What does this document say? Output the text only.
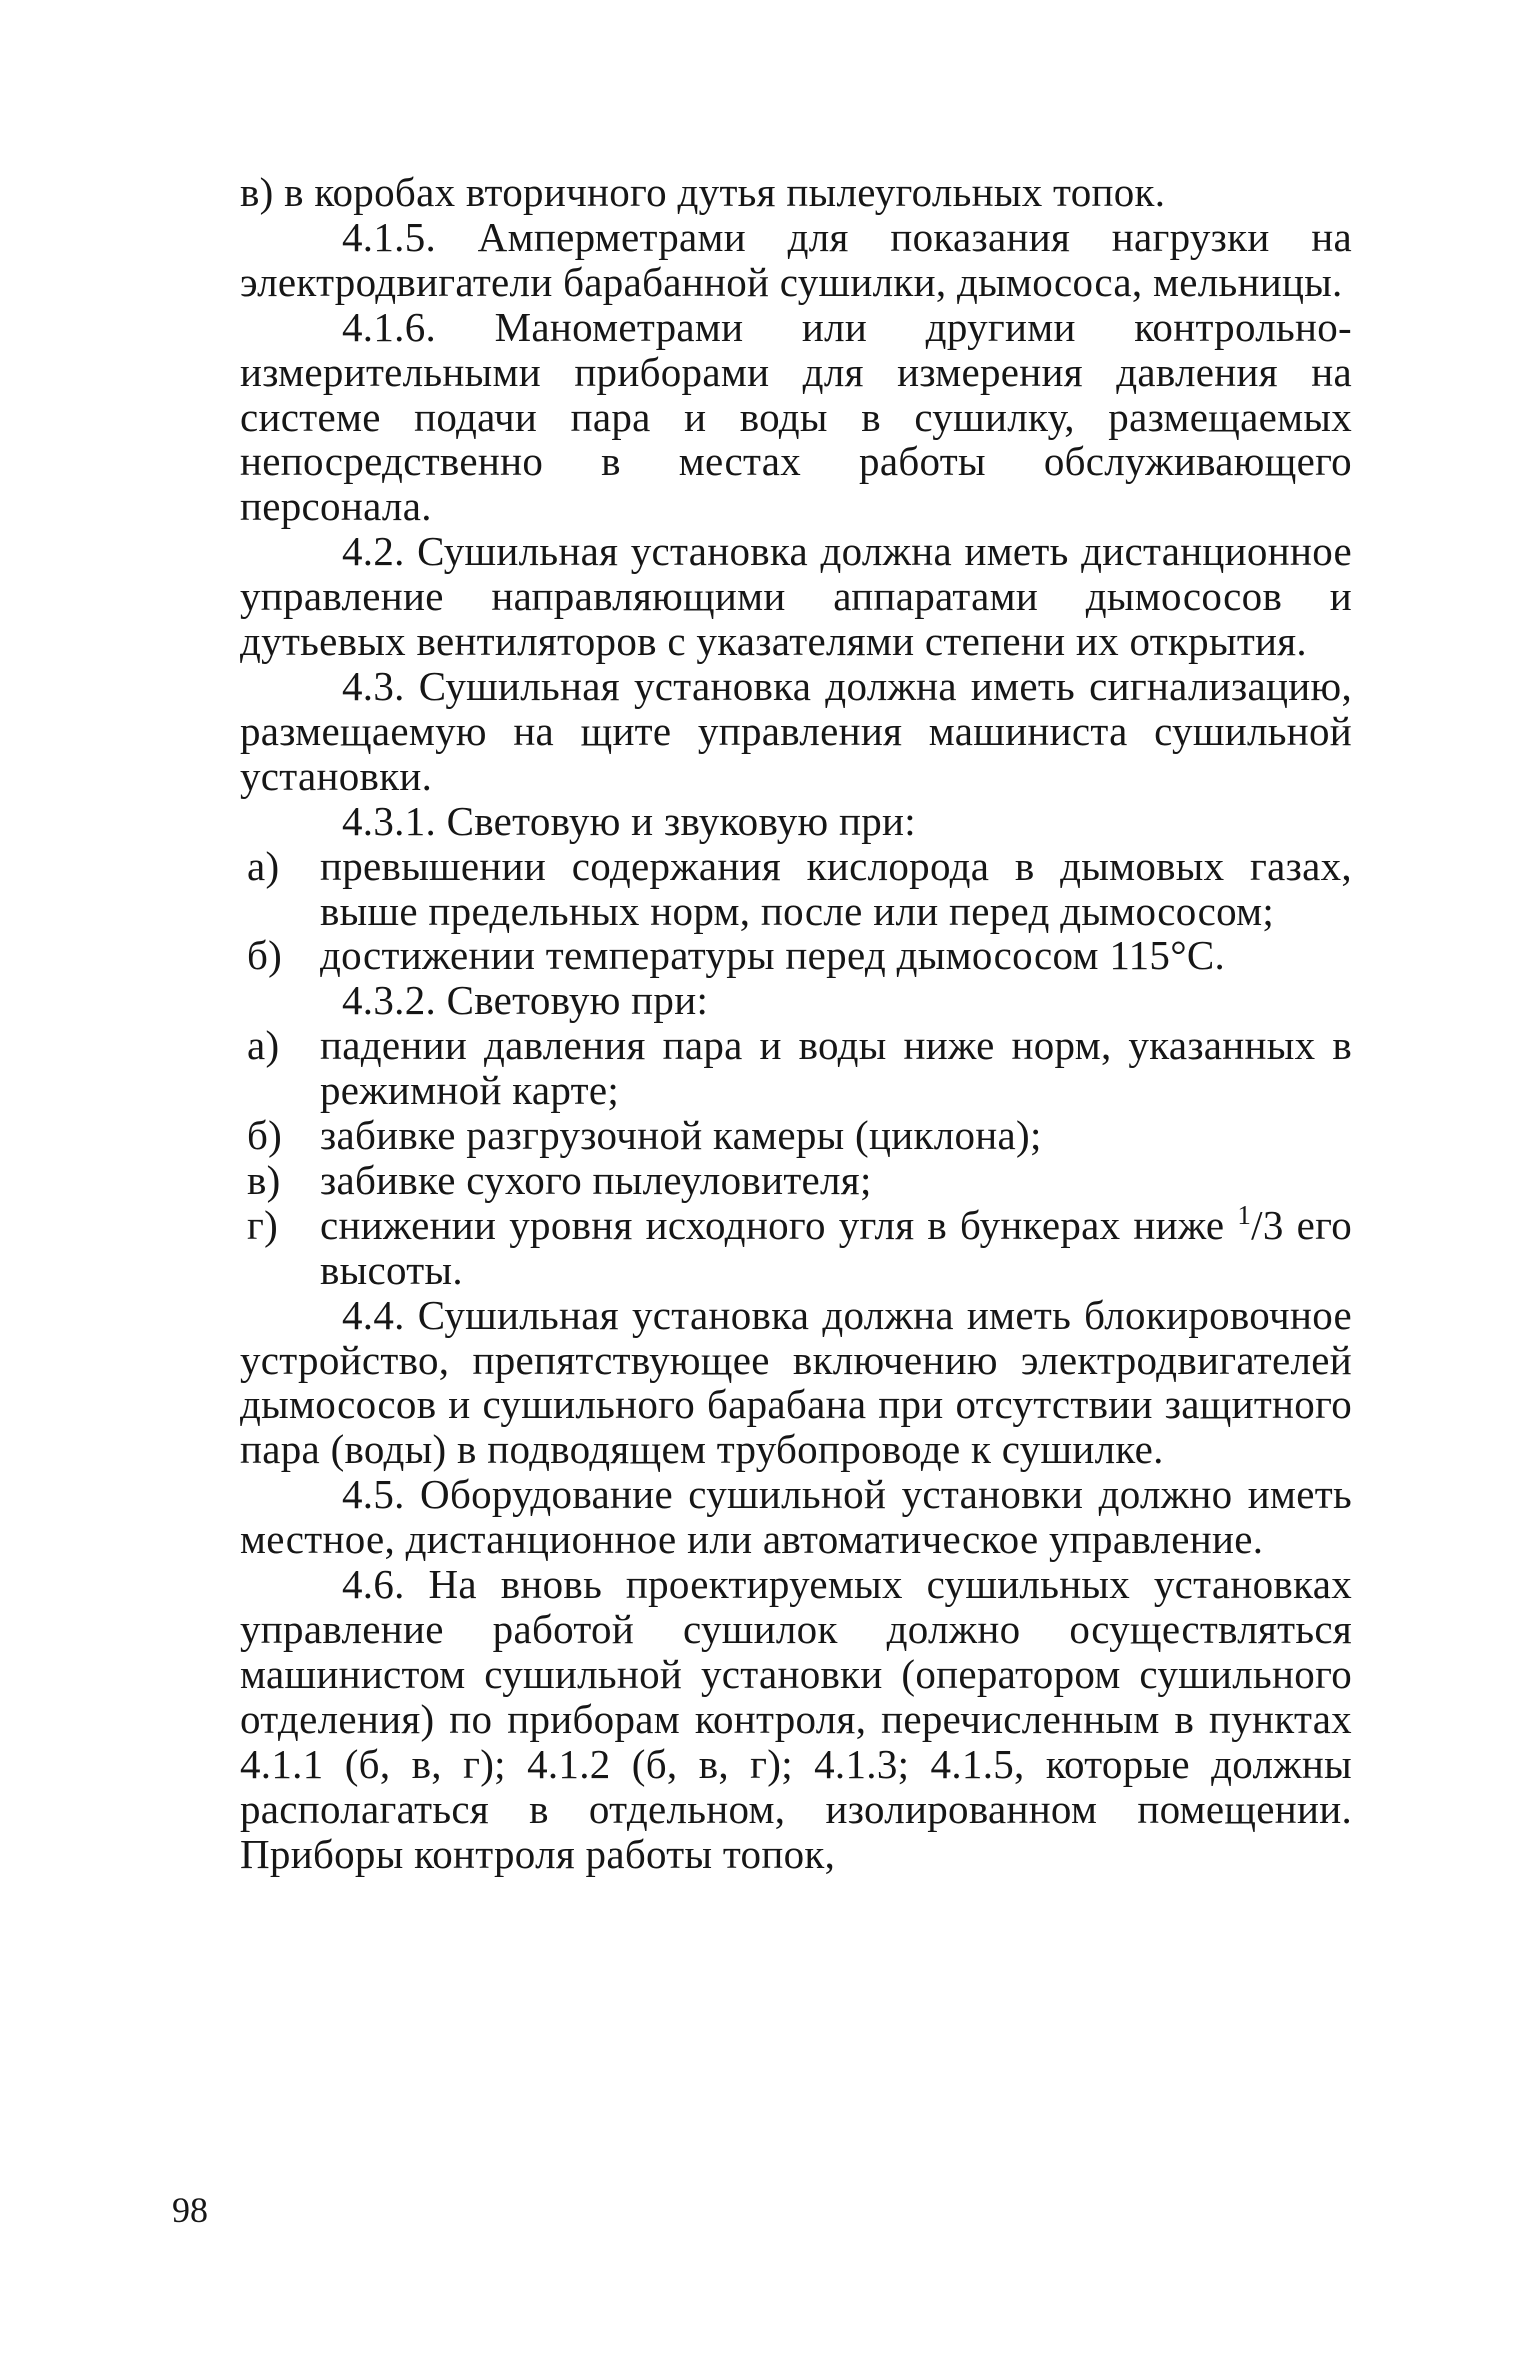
в) в коробах вторичного дутья пылеугольных топок.

4.1.5. Амперметрами для показания нагрузки на электродвигатели барабанной сушилки, дымососа, мельницы.

4.1.6. Манометрами или другими контрольно-измерительными приборами для измерения давления на системе подачи пара и воды в сушилку, размещаемых непосредственно в местах работы обслуживающего персонала.

4.2. Сушильная установка должна иметь дистанционное управление направляющими аппаратами дымососов и дутьевых вентиляторов с указателями степени их открытия.

4.3. Сушильная установка должна иметь сигнализацию, размещаемую на щите управления машиниста сушильной установки.

4.3.1. Световую и звуковую при:

а) превышении содержания кислорода в дымовых газах, выше предельных норм, после или перед дымососом;
б) достижении температуры перед дымососом 115°С.

4.3.2. Световую при:

а) падении давления пара и воды ниже норм, указанных в режимной карте;
б) забивке разгрузочной камеры (циклона);
в) забивке сухого пылеуловителя;
г) снижении уровня исходного угля в бункерах ниже $^1$/3 его высоты.

4.4. Сушильная установка должна иметь блокировочное устройство, препятствующее включению электродвигателей дымососов и сушильного барабана при отсутствии защитного пара (воды) в подводящем трубопроводе к сушилке.

4.5. Оборудование сушильной установки должно иметь местное, дистанционное или автоматическое управление.

4.6. На вновь проектируемых сушильных установках управление работой сушилок должно осуществляться машинистом сушильной установки (оператором сушильного отделения) по приборам контроля, перечисленным в пунктах 4.1.1 (б, в, г); 4.1.2 (б, в, г); 4.1.3; 4.1.5, которые должны располагаться в отдельном, изолированном помещении. Приборы контроля работы топок,

98
